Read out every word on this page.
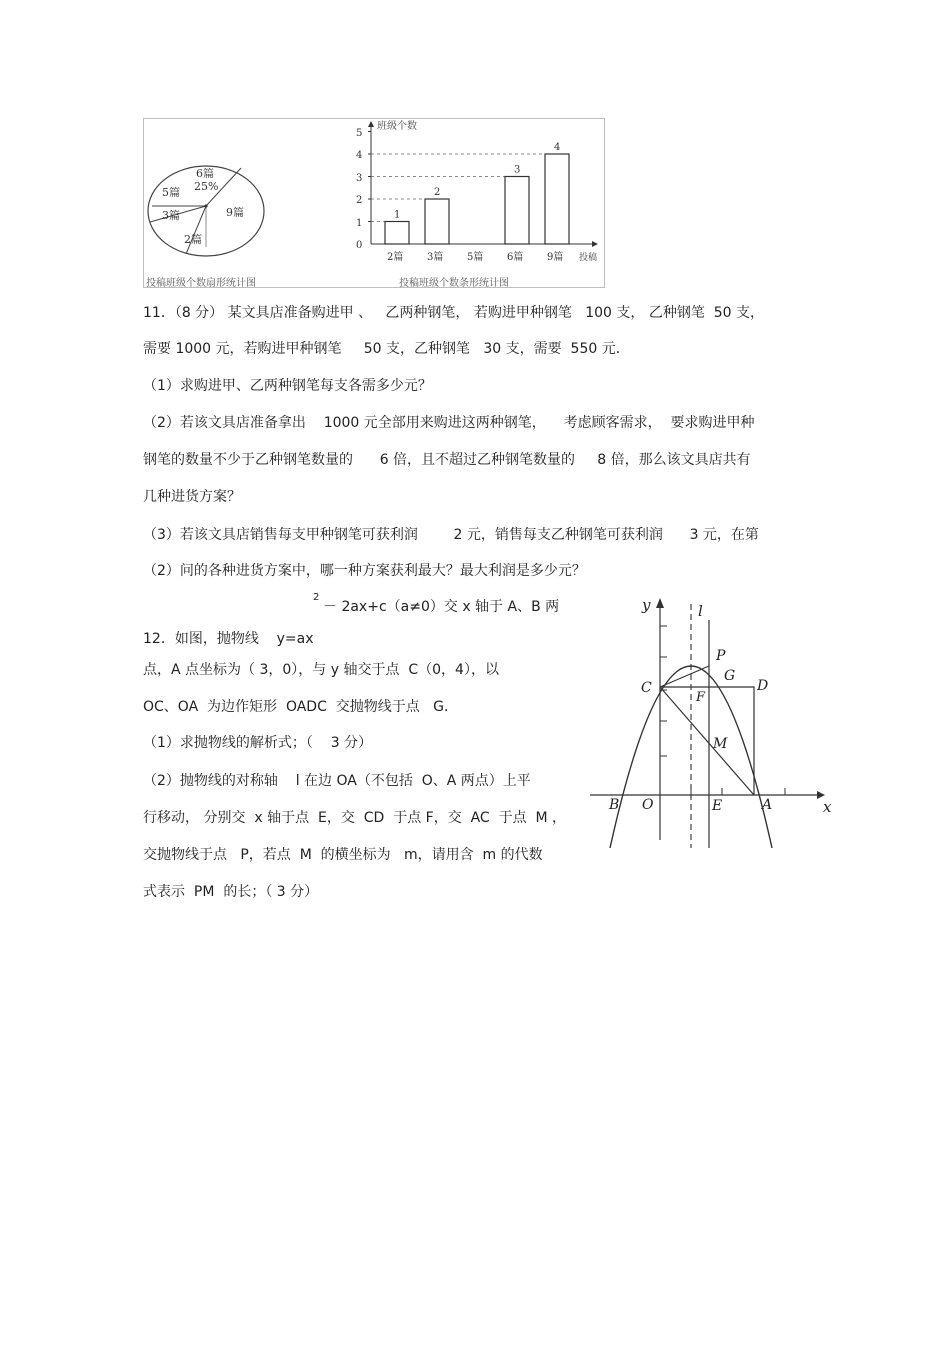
6篇
25%
9篇
2篇
3篇
5篇
投稿班级个数扇形统计图
班级个数
投稿
0
1
2
3
4
5
1
2篇
2
3篇 5篇
3
6篇
4
9篇
投稿班级个数条形统计图
11．（8 分） 某文具店准备购进甲 、   乙两种钢笔， 若购进甲种钢笔   100 支， 乙种钢笔  50 支，
需要 1000 元，若购进甲种钢笔     50 支，乙种钢笔   30 支，需要  550 元．
（1）求购进甲、乙两种钢笔每支各需多少元？
（2）若该文具店准备拿出    1000 元全部用来购进这两种钢笔，    考虑顾客需求，  要求购进甲种
钢笔的数量不少于乙种钢笔数量的      6 倍，且不超过乙种钢笔数量的     8 倍，那么该文具店共有
几种进货方案？
（3）若该文具店销售每支甲种钢笔可获利润        2 元，销售每支乙种钢笔可获利润      3 元，在第
（2）问的各种进货方案中，哪一种方案获利最大？最大利润是多少元？
2
－ 2ax+c（a≠0）交 x 轴于 A、B 两
12．如图，抛物线    y=ax
点，A 点坐标为（ 3，0），与 y 轴交于点  C（0，4），以
OC、OA  为边作矩形  OADC  交抛物线于点   G．
（1）求抛物线的解析式；（    3 分）
（2）抛物线的对称轴    l 在边 OA（不包括  O、A 两点）上平
行移动， 分别交  x 轴于点  E，交  CD  于点 F，交  AC  于点  M ，
交抛物线于点   P，若点  M  的横坐标为   m，请用含  m 的代数
式表示  PM  的长；（ 3 分）
y
x
l
P
G
C	D
F
M
B O	E	A
